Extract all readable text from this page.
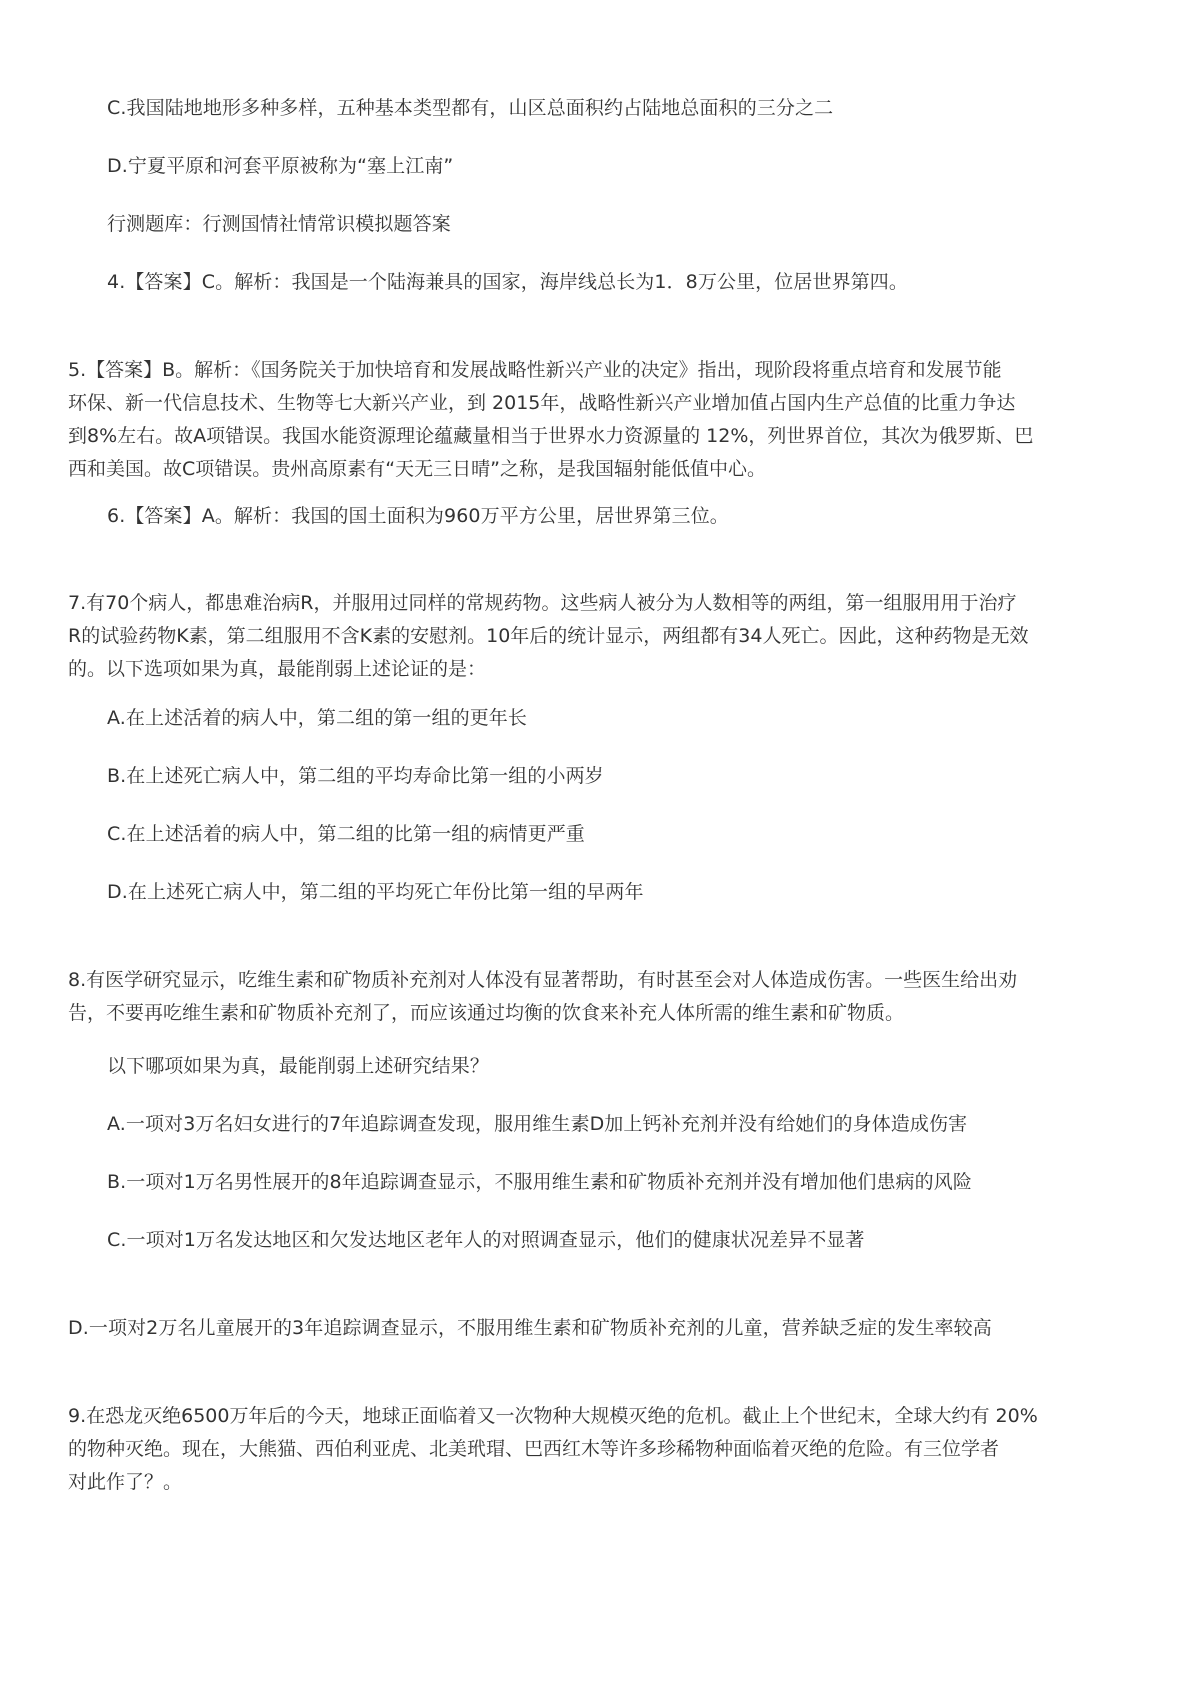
C.我国陆地地形多种多样，五种基本类型都有，山区总面积约占陆地总面积的三分之二
D.宁夏平原和河套平原被称为“塞上江南”
行测题库：行测国情社情常识模拟题答案
4.【答案】C。解析：我国是一个陆海兼具的国家，海岸线总长为1．8万公里，位居世界第四。
5.【答案】B。解析：《国务院关于加快培育和发展战略性新兴产业的决定》指出，现阶段将重点培育和发展节能
环保、新一代信息技术、生物等七大新兴产业，到 2015年，战略性新兴产业增加值占国内生产总值的比重力争达
到8%左右。故A项错误。我国水能资源理论蕴藏量相当于世界水力资源量的 12%，列世界首位，其次为俄罗斯、巴
西和美国。故C项错误。贵州高原素有“天无三日晴”之称，是我国辐射能低值中心。
6.【答案】A。解析：我国的国土面积为960万平方公里，居世界第三位。
7.有70个病人，都患难治病R，并服用过同样的常规药物。这些病人被分为人数相等的两组，第一组服用用于治疗
R的试验药物K素，第二组服用不含K素的安慰剂。10年后的统计显示，两组都有34人死亡。因此，这种药物是无效
的。以下选项如果为真，最能削弱上述论证的是：
A.在上述活着的病人中，第二组的第一组的更年长
B.在上述死亡病人中，第二组的平均寿命比第一组的小两岁
C.在上述活着的病人中，第二组的比第一组的病情更严重
D.在上述死亡病人中，第二组的平均死亡年份比第一组的早两年
8.有医学研究显示，吃维生素和矿物质补充剂对人体没有显著帮助，有时甚至会对人体造成伤害。一些医生给出劝
告，不要再吃维生素和矿物质补充剂了，而应该通过均衡的饮食来补充人体所需的维生素和矿物质。
以下哪项如果为真，最能削弱上述研究结果？
A.一项对3万名妇女进行的7年追踪调查发现，服用维生素D加上钙补充剂并没有给她们的身体造成伤害
B.一项对1万名男性展开的8年追踪调查显示，不服用维生素和矿物质补充剂并没有增加他们患病的风险
C.一项对1万名发达地区和欠发达地区老年人的对照调查显示，他们的健康状况差异不显著
D.一项对2万名儿童展开的3年追踪调查显示，不服用维生素和矿物质补充剂的儿童，营养缺乏症的发生率较高
9.在恐龙灭绝6500万年后的今天，地球正面临着又一次物种大规模灭绝的危机。截止上个世纪末，全球大约有 20%
的物种灭绝。现在，大熊猫、西伯利亚虎、北美玳瑁、巴西红木等许多珍稀物种面临着灭绝的危险。有三位学者
对此作了？。
